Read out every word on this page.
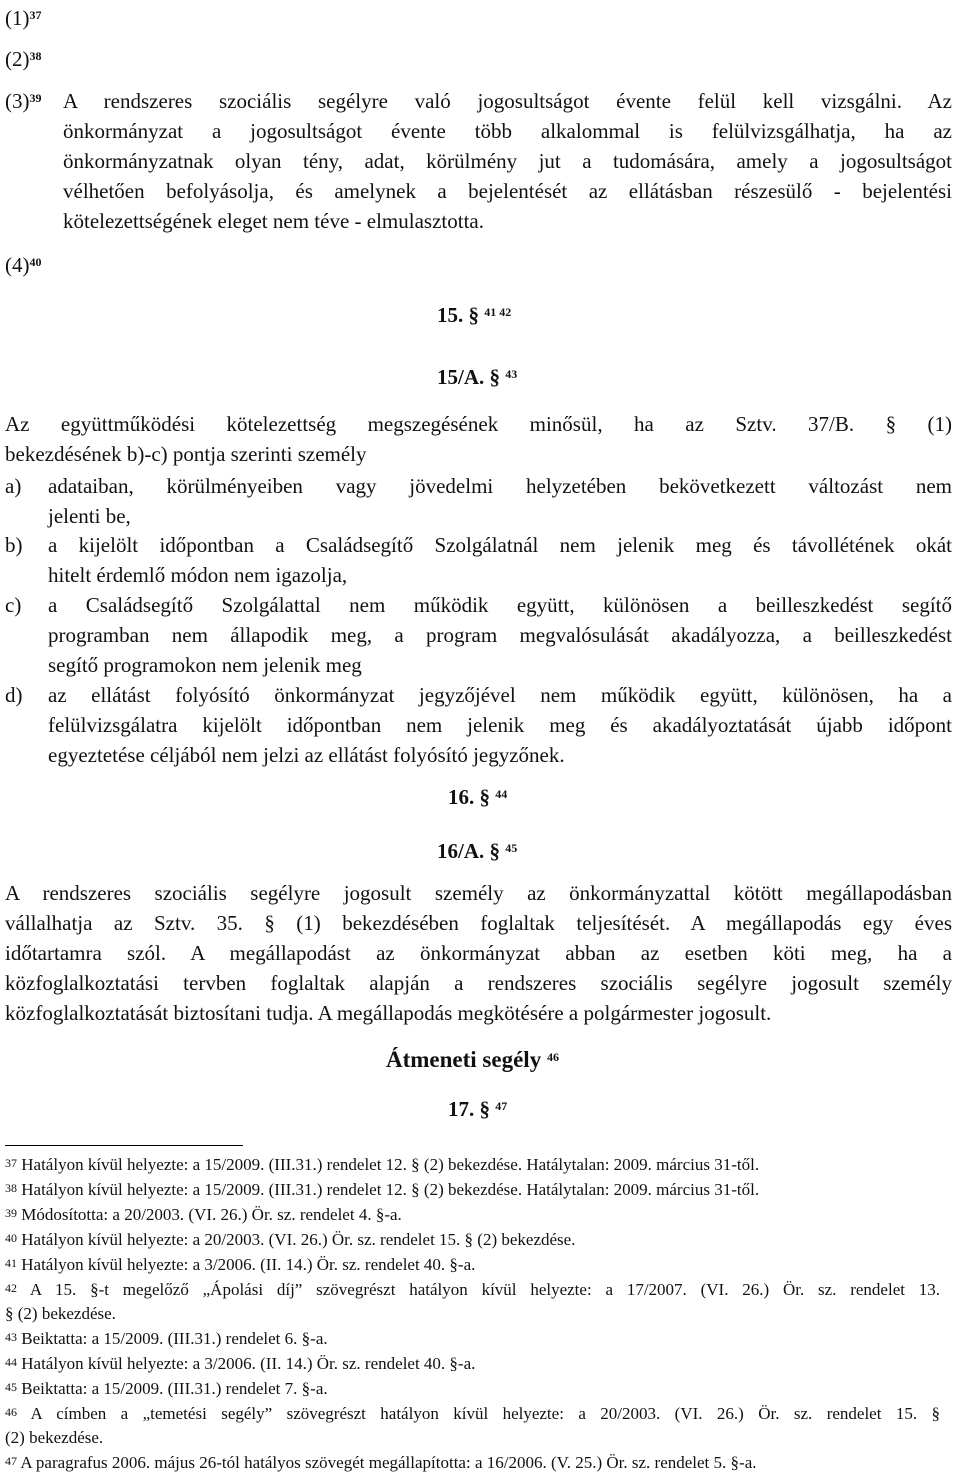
$(1)^{37}$
$(2)^{38}$
$(3)^{39}$
$(4)^{40}$
A rendszeres szociális segélyre való jogosultságot évente felül kell vizsgálni. Az
önkormányzat a jogosultságot évente több alkalommal is felülvizsgálhatja, ha az
önkormányzatnak olyan tény, adat, körülmény jut a tudomására, amely a jogosultságot
vélhetően befolyásolja, és amelynek a bejelentését az ellátásban részesülő - bejelentési
kötelezettségének eleget nem téve - elmulasztotta.
15. § $^{41 42}$
15/A. § $^{43}$
Az együttműködési kötelezettség megszegésének minősül, ha az Sztv. 37/B. § (1)
bekezdésének b)-c) pontja szerinti személy
a) adataiban, körülményeiben vagy jövedelmi helyzetében bekövetkezett változást nem
jelenti be,
b) a kijelölt időpontban a Családsegítő Szolgálatnál nem jelenik meg és távollétének okát
hitelt érdemlő módon nem igazolja,
c) a Családsegítő Szolgálattal nem működik együtt, különösen a beilleszkedést segítő
programban nem állapodik meg, a program megvalósulását akadályozza, a beilleszkedést
segítő programokon nem jelenik meg
d) az ellátást folyósító önkormányzat jegyzőjével nem működik együtt, különösen, ha a
felülvizsgálatra kijelölt időpontban nem jelenik meg és akadályoztatását újabb időpont
egyeztetése céljából nem jelzi az ellátást folyósító jegyzőnek.
16. § $^{44}$
16/A. § $^{45}$
A rendszeres szociális segélyre jogosult személy az önkormányzattal kötött megállapodásban
vállalhatja az Sztv. 35. § (1) bekezdésében foglaltak teljesítését. A megállapodás egy éves
időtartamra szól. A megállapodást az önkormányzat abban az esetben köti meg, ha a
közfoglalkoztatási tervben foglaltak alapján a rendszeres szociális segélyre jogosult személy
közfoglalkoztatását biztosítani tudja. A megállapodás megkötésére a polgármester jogosult.
Átmeneti segély $^{46}$
17. § $^{47}$
$^{37}$ Hatályon kívül helyezte: a 15/2009. (III.31.) rendelet 12. § (2) bekezdése. Hatálytalan: 2009. március 31-től.
$^{38}$ Hatályon kívül helyezte: a 15/2009. (III.31.) rendelet 12. § (2) bekezdése. Hatálytalan: 2009. március 31-től.
$^{39}$ Módosította: a 20/2003. (VI. 26.) Ör. sz. rendelet 4. §-a.
$^{40}$ Hatályon kívül helyezte: a 20/2003. (VI. 26.) Ör. sz. rendelet 15. § (2) bekezdése.
$^{41}$ Hatályon kívül helyezte: a 3/2006. (II. 14.) Ör. sz. rendelet 40. §-a.
$^{42}$ A 15. §-t megelőző „Ápolási díj” szövegrészt hatályon kívül helyezte: a 17/2007. (VI. 26.) Ör. sz. rendelet 13.
§ (2) bekezdése.
$^{43}$ Beiktatta: a 15/2009. (III.31.) rendelet 6. §-a.
$^{44}$ Hatályon kívül helyezte: a 3/2006. (II. 14.) Ör. sz. rendelet 40. §-a.
$^{45}$ Beiktatta: a 15/2009. (III.31.) rendelet 7. §-a.
$^{46}$ A címben a „temetési segély” szövegrészt hatályon kívül helyezte: a 20/2003. (VI. 26.) Ör. sz. rendelet 15. §
(2) bekezdése.
$^{47}$ A paragrafus 2006. május 26-tól hatályos szövegét megállapította: a 16/2006. (V. 25.) Ör. sz. rendelet 5. §-a.
